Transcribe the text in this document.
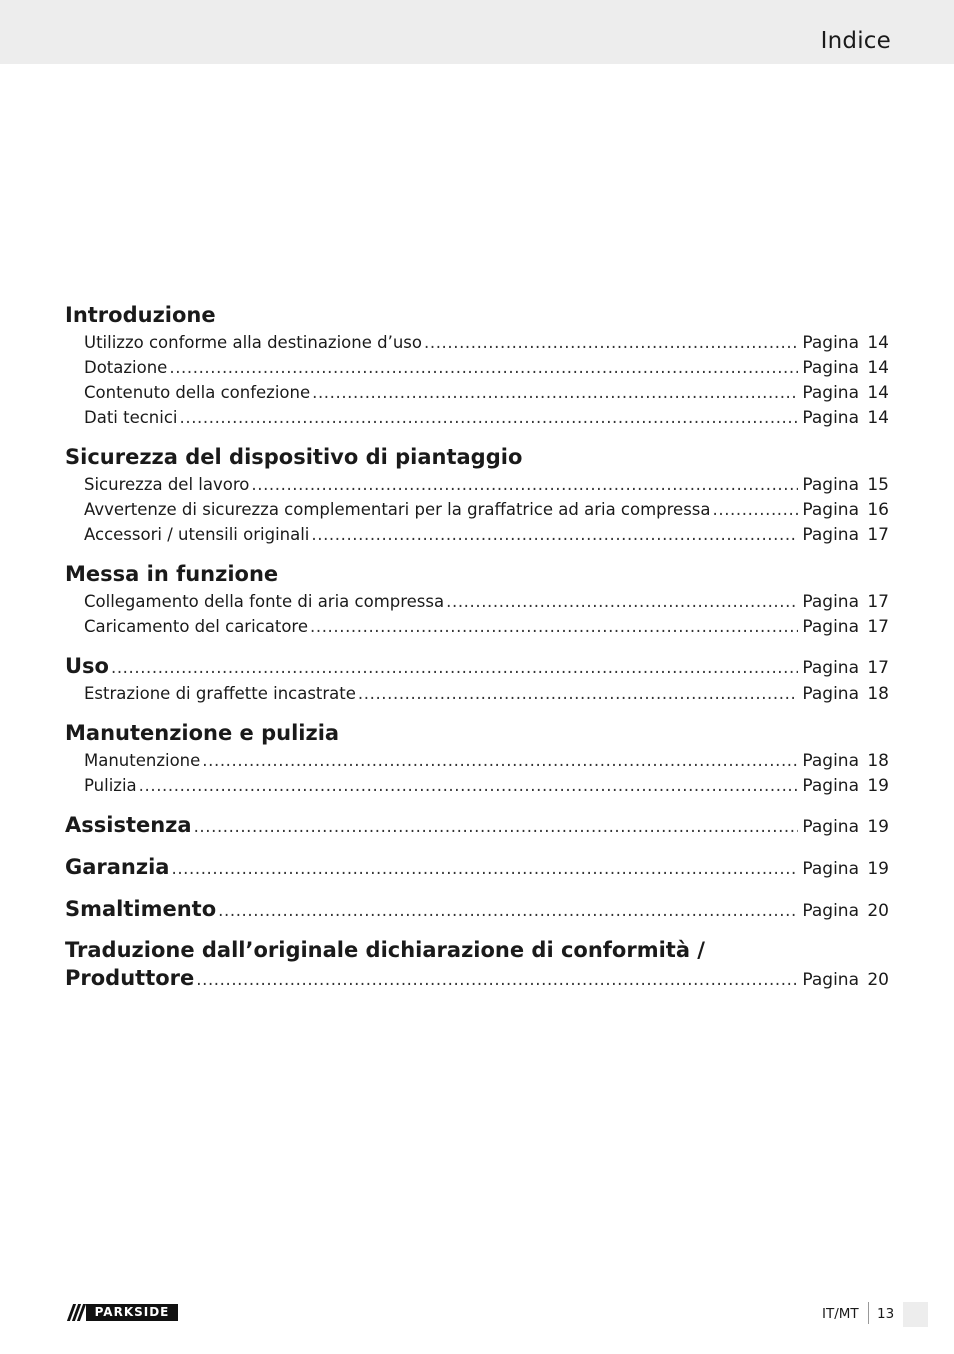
Indice
Introduzione
Utilizzo conforme alla destinazione d’uso .....	Pagina 14
Dotazione .....	Pagina 14
Contenuto della confezione .....	Pagina 14
Dati tecnici .....	Pagina 14
Sicurezza del dispositivo di piantaggio
Sicurezza del lavoro .....	Pagina 15
Avvertenze di sicurezza complementari per la graffatrice ad aria compressa .....	Pagina 16
Accessori / utensili originali .....	Pagina 17
Messa in funzione
Collegamento della fonte di aria compressa .....	Pagina 17
Caricamento del caricatore .....	Pagina 17
Uso .....	Pagina 17
Estrazione di graffette incastrate .....	Pagina 18
Manutenzione e pulizia
Manutenzione .....	Pagina 18
Pulizia .....	Pagina 19
Assistenza .....	Pagina 19
Garanzia .....	Pagina 19
Smaltimento .....	Pagina 20
Traduzione dall’originale dichiarazione di conformità /
Produttore .....	Pagina 20
PARKSIDE	IT/MT 13
